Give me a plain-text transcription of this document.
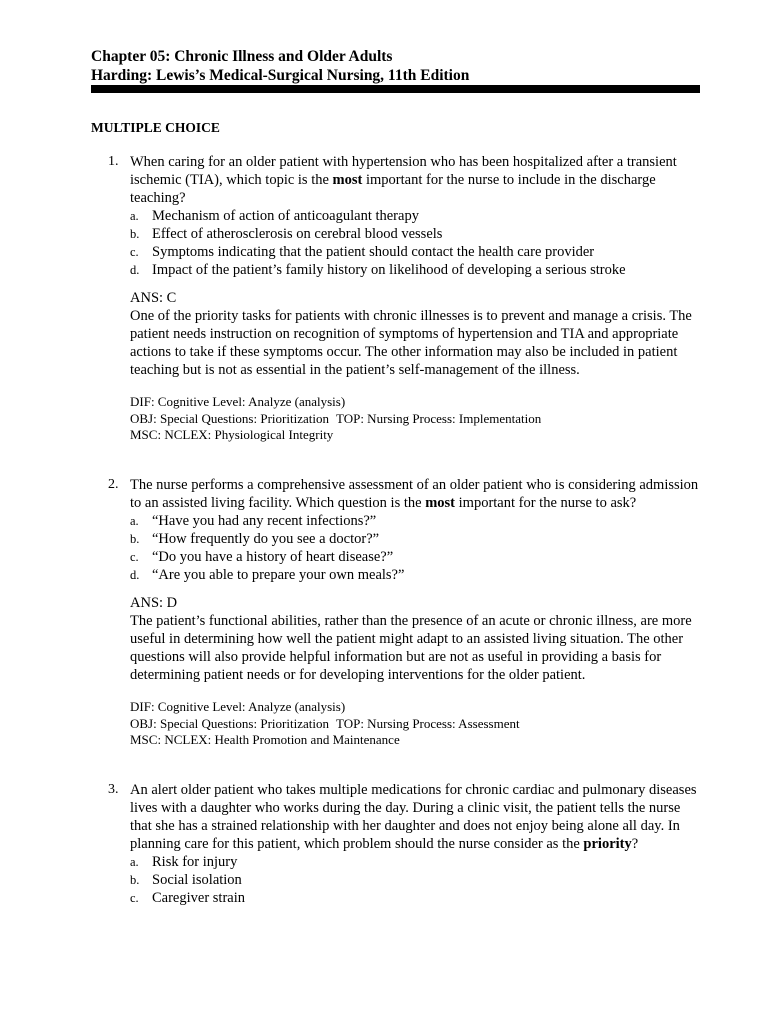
Chapter 05: Chronic Illness and Older Adults
Harding: Lewis’s Medical-Surgical Nursing, 11th Edition
MULTIPLE CHOICE
1. When caring for an older patient with hypertension who has been hospitalized after a transient ischemic (TIA), which topic is the most important for the nurse to include in the discharge teaching?
a. Mechanism of action of anticoagulant therapy
b. Effect of atherosclerosis on cerebral blood vessels
c. Symptoms indicating that the patient should contact the health care provider
d. Impact of the patient’s family history on likelihood of developing a serious stroke
ANS: C
One of the priority tasks for patients with chronic illnesses is to prevent and manage a crisis. The patient needs instruction on recognition of symptoms of hypertension and TIA and appropriate actions to take if these symptoms occur. The other information may also be included in patient teaching but is not as essential in the patient’s self-management of the illness.
DIF: Cognitive Level: Analyze (analysis)
OBJ: Special Questions: Prioritization TOP: Nursing Process: Implementation
MSC: NCLEX: Physiological Integrity
2. The nurse performs a comprehensive assessment of an older patient who is considering admission to an assisted living facility. Which question is the most important for the nurse to ask?
a. “Have you had any recent infections?”
b. “How frequently do you see a doctor?”
c. “Do you have a history of heart disease?”
d. “Are you able to prepare your own meals?”
ANS: D
The patient’s functional abilities, rather than the presence of an acute or chronic illness, are more useful in determining how well the patient might adapt to an assisted living situation. The other questions will also provide helpful information but are not as useful in providing a basis for determining patient needs or for developing interventions for the older patient.
DIF: Cognitive Level: Analyze (analysis)
OBJ: Special Questions: Prioritization TOP: Nursing Process: Assessment
MSC: NCLEX: Health Promotion and Maintenance
3. An alert older patient who takes multiple medications for chronic cardiac and pulmonary diseases lives with a daughter who works during the day. During a clinic visit, the patient tells the nurse that she has a strained relationship with her daughter and does not enjoy being alone all day. In planning care for this patient, which problem should the nurse consider as the priority?
a. Risk for injury
b. Social isolation
c. Caregiver strain
